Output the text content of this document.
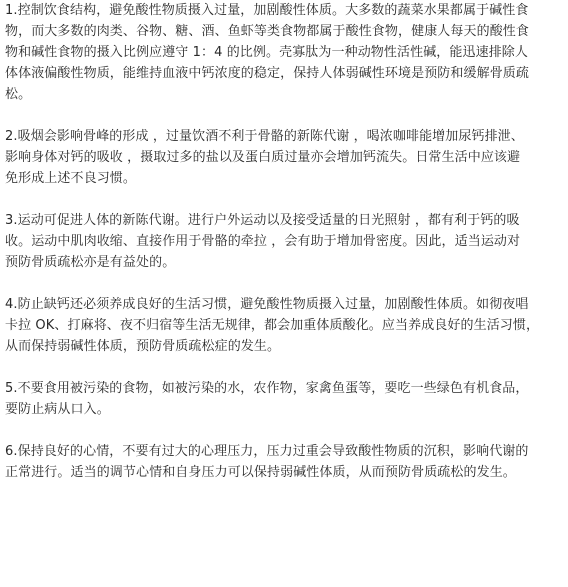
1.控制饮食结构，避免酸性物质摄入过量，加剧酸性体质。大多数的蔬菜水果都属于碱性食
物，而大多数的肉类、谷物、糖、酒、鱼虾等类食物都属于酸性食物，健康人每天的酸性食
物和碱性食物的摄入比例应遵守 1：4 的比例。壳寡肽为一种动物性活性碱，能迅速排除人
体体液偏酸性物质，能维持血液中钙浓度的稳定，保持人体弱碱性环境是预防和缓解骨质疏
松。
2.吸烟会影响骨峰的形成 ，过量饮酒不利于骨骼的新陈代谢 ，喝浓咖啡能增加尿钙排泄、
影响身体对钙的吸收 ，摄取过多的盐以及蛋白质过量亦会增加钙流失。日常生活中应该避
免形成上述不良习惯。
3.运动可促进人体的新陈代谢。进行户外运动以及接受适量的日光照射 ，都有利于钙的吸
收。运动中肌肉收缩、直接作用于骨骼的牵拉 ，会有助于增加骨密度。因此，适当运动对
预防骨质疏松亦是有益处的。
4.防止缺钙还必须养成良好的生活习惯，避免酸性物质摄入过量，加剧酸性体质。如彻夜唱
卡拉 OK、打麻将、夜不归宿等生活无规律，都会加重体质酸化。应当养成良好的生活习惯，
从而保持弱碱性体质，预防骨质疏松症的发生。
5.不要食用被污染的食物，如被污染的水，农作物，家禽鱼蛋等，要吃一些绿色有机食品，
要防止病从口入。
6.保持良好的心情，不要有过大的心理压力，压力过重会导致酸性物质的沉积，影响代谢的
正常进行。适当的调节心情和自身压力可以保持弱碱性体质，从而预防骨质疏松的发生。
